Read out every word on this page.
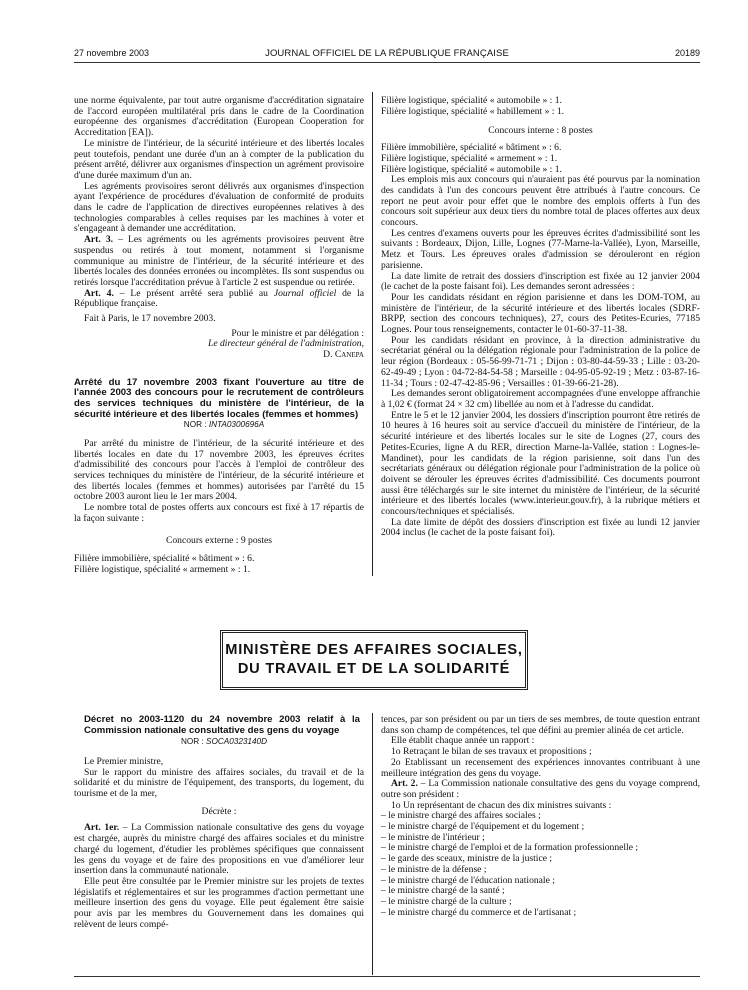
27 novembre 2003	JOURNAL OFFICIEL DE LA RÉPUBLIQUE FRANÇAISE	20189

une norme équivalente, par tout autre organisme d'accréditation signataire de l'accord européen multilatéral pris dans le cadre de la Coordination européenne des organismes d'accréditation (European Cooperation for Accreditation [EA]).

Le ministre de l'intérieur, de la sécurité intérieure et des libertés locales peut toutefois, pendant une durée d'un an à compter de la publication du présent arrêté, délivrer aux organismes d'inspection un agrément provisoire d'une durée maximum d'un an.

Les agréments provisoires seront délivrés aux organismes d'inspection ayant l'expérience de procédures d'évaluation de conformité de produits dans le cadre de l'application de directives européennes relatives à des technologies comparables à celles requises par les machines à voter et s'engageant à demander une accréditation.

Art. 3. – Les agréments ou les agréments provisoires peuvent être suspendus ou retirés à tout moment, notamment si l'organisme communique au ministre de l'intérieur, de la sécurité intérieure et des libertés locales des données erronées ou incomplètes. Ils sont suspendus ou retirés lorsque l'accréditation prévue à l'article 2 est suspendue ou retirée.

Art. 4. – Le présent arrêté sera publié au Journal officiel de la République française.

Fait à Paris, le 17 novembre 2003.

Pour le ministre et par délégation :

Le directeur général de l'administration,

D. Canepa

Arrêté du 17 novembre 2003 fixant l'ouverture au titre de l'année 2003 des concours pour le recrutement de contrôleurs des services techniques du ministère de l'intérieur, de la sécurité intérieure et des libertés locales (femmes et hommes)

NOR : INTA0300696A

Par arrêté du ministre de l'intérieur, de la sécurité intérieure et des libertés locales en date du 17 novembre 2003, les épreuves écrites d'admissibilité des concours pour l'accès à l'emploi de contrôleur des services techniques du ministère de l'intérieur, de la sécurité intérieure et des libertés locales (femmes et hommes) autorisées par l'arrêté du 15 octobre 2003 auront lieu le 1er mars 2004.

Le nombre total de postes offerts aux concours est fixé à 17 répartis de la façon suivante :

Concours externe : 9 postes

Filière immobilière, spécialité « bâtiment » : 6.

Filière logistique, spécialité « armement » : 1.

Filière logistique, spécialité « automobile » : 1.

Filière logistique, spécialité « habillement » : 1.

Concours interne : 8 postes

Filière immobilière, spécialité « bâtiment » : 6.

Filière logistique, spécialité « armement » : 1.

Filière logistique, spécialité « automobile » : 1.

Les emplois mis aux concours qui n'auraient pas été pourvus par la nomination des candidats à l'un des concours peuvent être attribués à l'autre concours. Ce report ne peut avoir pour effet que le nombre des emplois offerts à l'un des concours soit supérieur aux deux tiers du nombre total de places offertes aux deux concours.

Les centres d'examens ouverts pour les épreuves écrites d'admissibilité sont les suivants : Bordeaux, Dijon, Lille, Lognes (77-Marne-la-Vallée), Lyon, Marseille, Metz et Tours. Les épreuves orales d'admission se dérouleront en région parisienne.

La date limite de retrait des dossiers d'inscription est fixée au 12 janvier 2004 (le cachet de la poste faisant foi). Les demandes seront adressées :

Pour les candidats résidant en région parisienne et dans les DOM-TOM, au ministère de l'intérieur, de la sécurité intérieure et des libertés locales (SDRF-BRPP, section des concours techniques), 27, cours des Petites-Ecuries, 77185 Lognes. Pour tous renseignements, contacter le 01-60-37-11-38.

Pour les candidats résidant en province, à la direction administrative du secrétariat général ou la délégation régionale pour l'administration de la police de leur région (Bordeaux : 05-56-99-71-71 ; Dijon : 03-80-44-59-33 ; Lille : 03-20-62-49-49 ; Lyon : 04-72-84-54-58 ; Marseille : 04-95-05-92-19 ; Metz : 03-87-16-11-34 ; Tours : 02-47-42-85-96 ; Versailles : 01-39-66-21-28).

Les demandes seront obligatoirement accompagnées d'une enveloppe affranchie à 1,02 € (format 24 × 32 cm) libellée au nom et à l'adresse du candidat.

Entre le 5 et le 12 janvier 2004, les dossiers d'inscription pourront être retirés de 10 heures à 16 heures soit au service d'accueil du ministère de l'intérieur, de la sécurité intérieure et des libertés locales sur le site de Lognes (27, cours des Petites-Ecuries, ligne A du RER, direction Marne-la-Vallée, station : Lognes-le-Mandinet), pour les candidats de la région parisienne, soit dans l'un des secrétariats généraux ou délégation régionale pour l'administration de la police où doivent se dérouler les épreuves écrites d'admissibilité. Ces documents pourront aussi être téléchargés sur le site internet du ministère de l'intérieur, de la sécurité intérieure et des libertés locales (www.interieur.gouv.fr), à la rubrique métiers et concours/techniques et spécialisés.

La date limite de dépôt des dossiers d'inscription est fixée au lundi 12 janvier 2004 inclus (le cachet de la poste faisant foi).

MINISTÈRE DES AFFAIRES SOCIALES,
DU TRAVAIL ET DE LA SOLIDARITÉ

Décret no 2003-1120 du 24 novembre 2003 relatif à la Commission nationale consultative des gens du voyage

NOR : SOCA0323140D

Le Premier ministre,

Sur le rapport du ministre des affaires sociales, du travail et de la solidarité et du ministre de l'équipement, des transports, du logement, du tourisme et de la mer,

Décrète :

Art. 1er. – La Commission nationale consultative des gens du voyage est chargée, auprès du ministre chargé des affaires sociales et du ministre chargé du logement, d'étudier les problèmes spécifiques que connaissent les gens du voyage et de faire des propositions en vue d'améliorer leur insertion dans la communauté nationale.

Elle peut être consultée par le Premier ministre sur les projets de textes législatifs et réglementaires et sur les programmes d'action permettant une meilleure insertion des gens du voyage. Elle peut également être saisie pour avis par les membres du Gouvernement dans les domaines qui relèvent de leurs compé-

tences, par son président ou par un tiers de ses membres, de toute question entrant dans son champ de compétences, tel que défini au premier alinéa de cet article.

Elle établit chaque année un rapport :

1o Retraçant le bilan de ses travaux et propositions ;

2o Etablissant un recensement des expériences innovantes contribuant à une meilleure intégration des gens du voyage.

Art. 2. – La Commission nationale consultative des gens du voyage comprend, outre son président :

1o Un représentant de chacun des dix ministres suivants :

– le ministre chargé des affaires sociales ;

– le ministre chargé de l'équipement et du logement ;

– le ministre de l'intérieur ;

– le ministre chargé de l'emploi et de la formation professionnelle ;

– le garde des sceaux, ministre de la justice ;

– le ministre de la défense ;

– le ministre chargé de l'éducation nationale ;

– le ministre chargé de la santé ;

– le ministre chargé de la culture ;

– le ministre chargé du commerce et de l'artisanat ;
